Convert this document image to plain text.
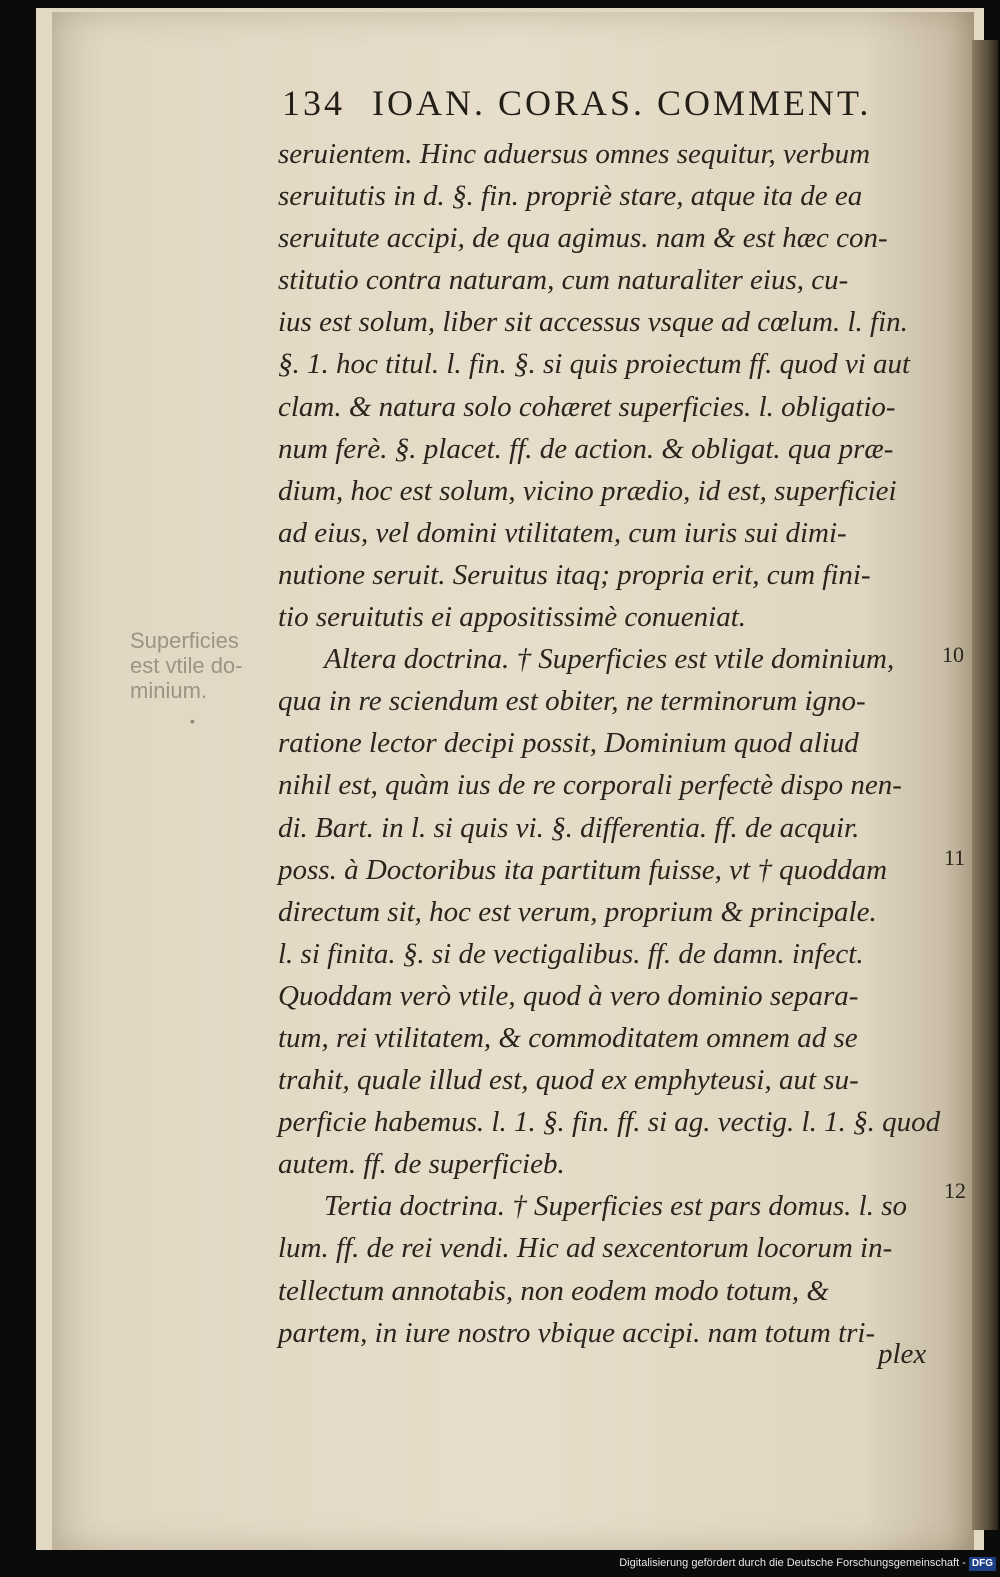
134 IOAN. CORAS. COMMENT.
seruientem. Hinc aduersus omnes sequitur, verbum
seruitutis in d. §. fin. propriè stare, atque ita de ea
seruitute accipi, de qua agimus. nam & est hæc con-
stitutio contra naturam, cum naturaliter eius, cu-
ius est solum, liber sit accessus vsque ad cœlum. l. fin.
§. 1. hoc titul. l. fin. §. si quis proiectum ff. quod vi aut
clam. & natura solo cohæret superficies. l. obligatio-
num ferè. §. placet. ff. de action. & obligat. qua præ-
dium, hoc est solum, vicino prædio, id est, superficiei
ad eius, vel domini vtilitatem, cum iuris sui dimi-
nutione seruit. Seruitus itaq; propria erit, cum fini-
tio seruitutis ei appositissimè conueniat.
Altera doctrina. † Superficies est vtile dominium,
qua in re sciendum est obiter, ne terminorum igno-
ratione lector decipi possit, Dominium quod aliud
nihil est, quàm ius de re corporali perfectè dispo nen-
di. Bart. in l. si quis vi. §. differentia. ff. de acquir.
poss. à Doctoribus ita partitum fuisse, vt † quoddam
directum sit, hoc est verum, proprium & principale.
l. si finita. §. si de vectigalibus. ff. de damn. infect.
Quoddam verò vtile, quod à vero dominio separa-
tum, rei vtilitatem, & commoditatem omnem ad se
trahit, quale illud est, quod ex emphyteusi, aut su-
perficie habemus. l. 1. §. fin. ff. si ag. vectig. l. 1. §. quod
autem. ff. de superficieb.
Tertia doctrina. † Superficies est pars domus. l. so
lum. ff. de rei vendi. Hic ad sexcentorum locorum in-
tellectum annotabis, non eodem modo totum, &
partem, in iure nostro vbique accipi. nam totum tri-
plex
Superficies
est vtile do-
minium.
•
10
11
12
Digitalisierung gefördert durch die Deutsche Forschungsgemeinschaft - DFG
